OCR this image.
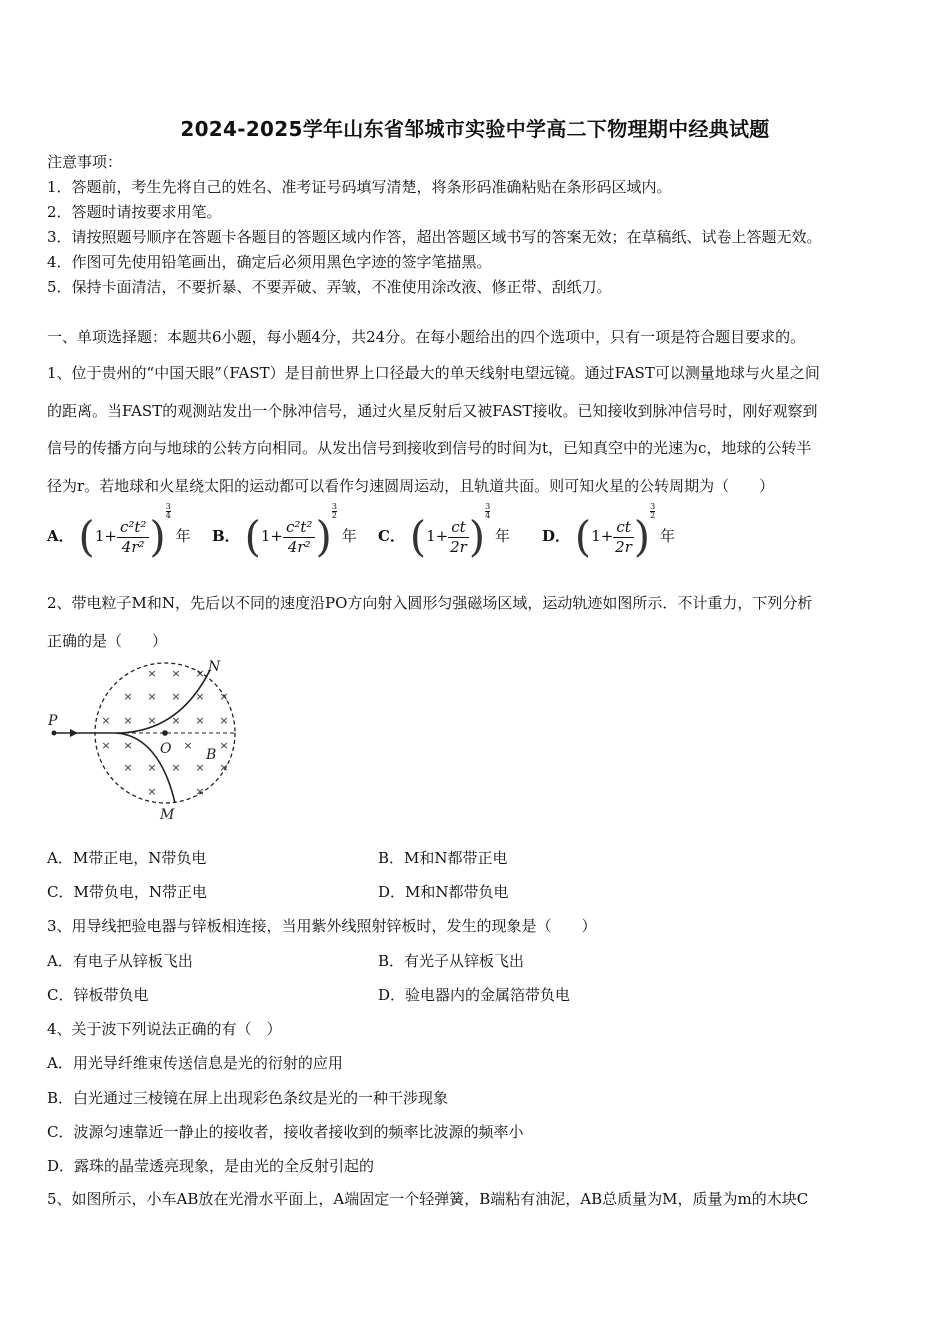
2024-2025学年山东省邹城市实验中学高二下物理期中经典试题
注意事项：
1．答题前，考生先将自己的姓名、准考证号码填写清楚，将条形码准确粘贴在条形码区域内。
2．答题时请按要求用笔。
3．请按照题号顺序在答题卡各题目的答题区域内作答，超出答题区域书写的答案无效；在草稿纸、试卷上答题无效。
4．作图可先使用铅笔画出，确定后必须用黑色字迹的签字笔描黑。
5．保持卡面清洁，不要折暴、不要弄破、弄皱，不准使用涂改液、修正带、刮纸刀。
一、单项选择题：本题共6小题，每小题4分，共24分。在每小题给出的四个选项中，只有一项是符合题目要求的。
1、位于贵州的“中国天眼”（FAST）是目前世界上口径最大的单天线射电望远镜。通过FAST可以测量地球与火星之间
的距离。当FAST的观测站发出一个脉冲信号，通过火星反射后又被FAST接收。已知接收到脉冲信号时，刚好观察到
信号的传播方向与地球的公转方向相同。从发出信号到接收到信号的时间为t，已知真空中的光速为c，地球的公转半
径为r。若地球和火星绕太阳的运动都可以看作匀速圆周运动，且轨道共面。则可知火星的公转周期为（　　）
A． ($1+ \frac{\text{c²t²}}{\text{4r²}}$ )
$\frac{3}{4}$ 年 B． ($1+ \frac{\text{c²t²}}{\text{4r²}}$ )
$\frac{3}{2}$ 年 C． ($1+ \frac{ct}{2r}$ )
$\frac{3}{4}$ 年 D． ($1+ \frac{ct}{2r}$ )
$\frac{3}{2}$ 年
2、带电粒子M和N，先后以不同的速度沿PO方向射入圆形匀强磁场区域，运动轨迹如图所示．不计重力，下列分析
正确的是（　　）
P
O B
N
M
× × ×
× × × × ×
× × × × × ×
× ×	× ×
× × × × ×
×	×
A．M带正电，N带负电	B．M和N都带正电
C．M带负电，N带正电	D．M和N都带负电
3、用导线把验电器与锌板相连接，当用紫外线照射锌板时，发生的现象是（　　）
A．有电子从锌板飞出	B．有光子从锌板飞出
C．锌板带负电	D．验电器内的金属箔带负电
4、关于波下列说法正确的有（　）
A．用光导纤维束传送信息是光的衍射的应用
B．白光通过三棱镜在屏上出现彩色条纹是光的一种干涉现象
C．波源匀速靠近一静止的接收者，接收者接收到的频率比波源的频率小
D．露珠的晶莹透亮现象，是由光的全反射引起的
5、如图所示，小车AB放在光滑水平面上，A端固定一个轻弹簧，B端粘有油泥，AB总质量为M，质量为m的木块C
